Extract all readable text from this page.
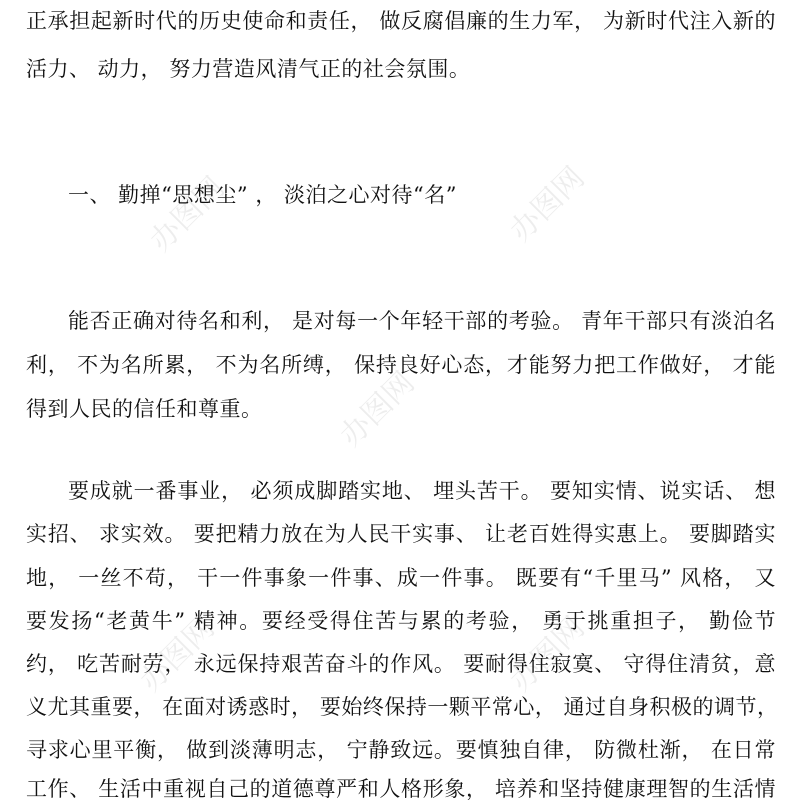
办图网	办图网
办图网
办图网	办图网
正承担起新时代的历史使命和责任， 做反腐倡廉的生力军， 为新时代注入新的
活力、 动力， 努力营造风清气正的社会氛围。
一、 勤掸“思想尘” ， 淡泊之心对待“名”
能否正确对待名和利， 是对每一个年轻干部的考验。 青年干部只有淡泊名
利， 不为名所累， 不为名所缚， 保持良好心态，才能努力把工作做好， 才能
得到人民的信任和尊重。
要成就一番事业， 必须成脚踏实地、 埋头苦干。 要知实情、说实话、 想
实招、 求实效。 要把精力放在为人民干实事、 让老百姓得实惠上。 要脚踏实
地， 一丝不苟， 干一件事象一件事、成一件事。 既要有“千里马” 风格， 又
要发扬“老黄牛” 精神。要经受得住苦与累的考验， 勇于挑重担子， 勤俭节
约， 吃苦耐劳， 永远保持艰苦奋斗的作风。 要耐得住寂寞、 守得住清贫，意
义尤其重要， 在面对诱惑时， 要始终保持一颗平常心， 通过自身积极的调节，
寻求心里平衡， 做到淡薄明志， 宁静致远。要慎独自律， 防微杜渐， 在日常
工作、 生活中重视自己的道德尊严和人格形象， 培养和坚持健康理智的生活情
